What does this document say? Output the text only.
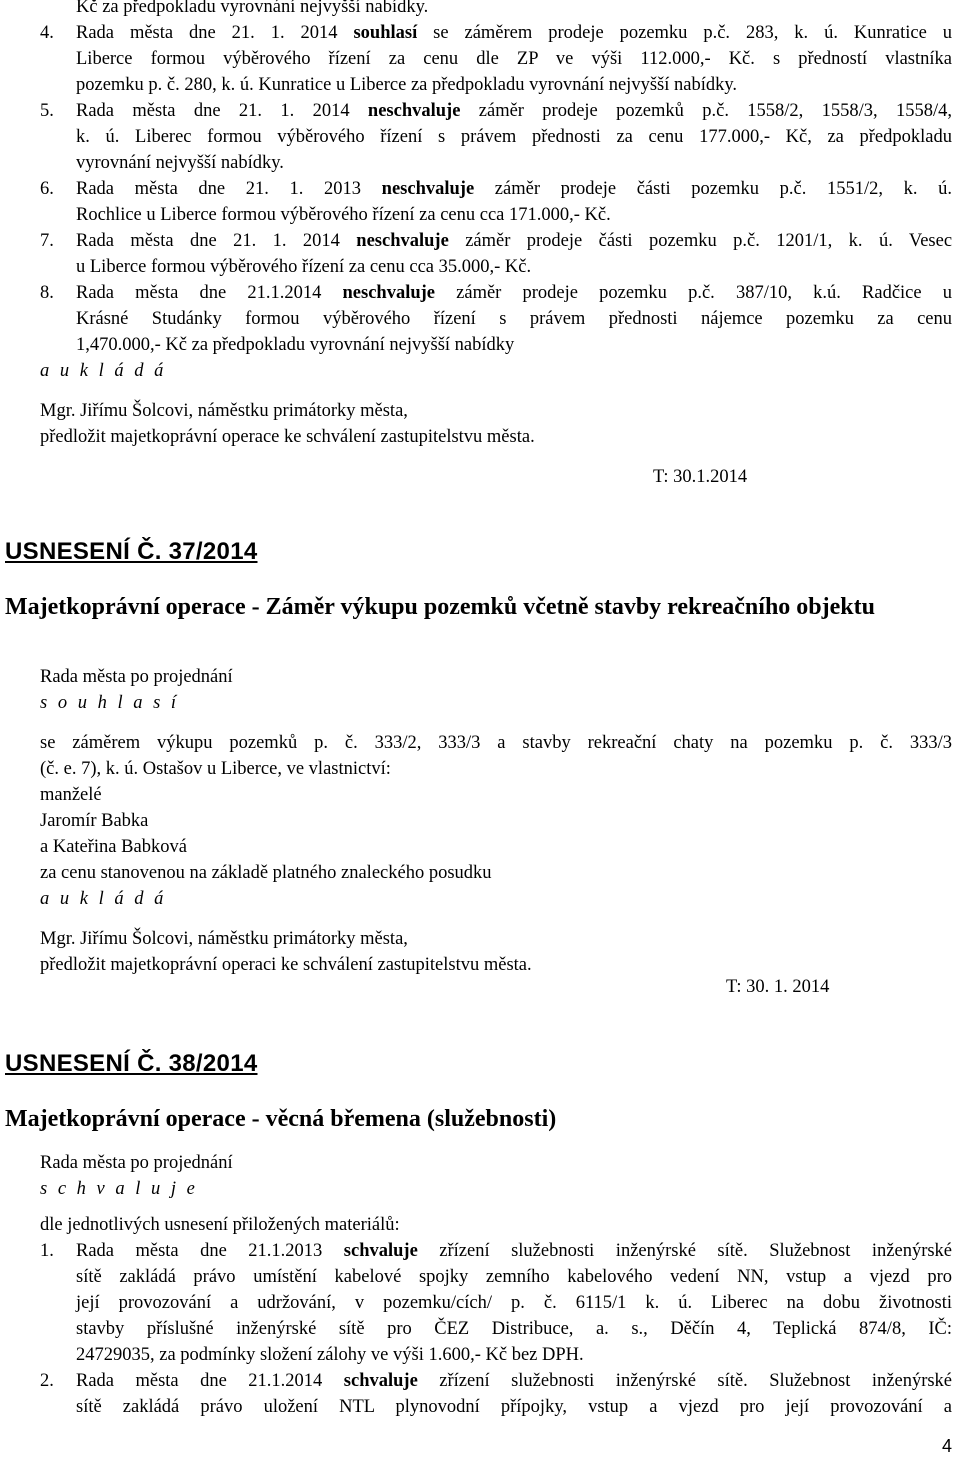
Kč za předpokladu vyrovnání nejvyšší nabídky.
4. Rada města dne 21. 1. 2014 souhlasí se záměrem prodeje pozemku p.č. 283, k. ú. Kunratice u
Liberce formou výběrového řízení za cenu dle ZP ve výši 112.000,- Kč. s předností vlastníka
pozemku p. č. 280, k. ú. Kunratice u Liberce za předpokladu vyrovnání nejvyšší nabídky.
5. Rada města dne 21. 1. 2014 neschvaluje záměr prodeje pozemků p.č. 1558/2, 1558/3, 1558/4,
k. ú. Liberec formou výběrového řízení s právem přednosti za cenu 177.000,- Kč, za předpokladu
vyrovnání nejvyšší nabídky.
6. Rada města dne 21. 1. 2013 neschvaluje záměr prodeje části pozemku p.č. 1551/2, k. ú.
Rochlice u Liberce formou výběrového řízení za cenu cca 171.000,- Kč.
7. Rada města dne 21. 1. 2014 neschvaluje záměr prodeje části pozemku p.č. 1201/1, k. ú. Vesec
u Liberce formou výběrového řízení za cenu cca 35.000,- Kč.
8. Rada města dne 21.1.2014 neschvaluje záměr prodeje pozemku p.č. 387/10, k.ú. Radčice u
Krásné Studánky formou výběrového řízení s právem přednosti nájemce pozemku za cenu
1,470.000,- Kč za předpokladu vyrovnání nejvyšší nabídky
a u k l á d á
Mgr. Jiřímu Šolcovi, náměstku primátorky města,
předložit majetkoprávní operace ke schválení zastupitelstvu města.
T: 30.1.2014
USNESENÍ Č. 37/2014
Majetkoprávní operace - Záměr výkupu pozemků včetně stavby rekreačního objektu
Rada města po projednání
s o u h l a s í
se záměrem výkupu pozemků p. č. 333/2, 333/3 a stavby rekreační chaty na pozemku p. č. 333/3
(č. e. 7), k. ú. Ostašov u Liberce, ve vlastnictví:
manželé
Jaromír Babka
a Kateřina Babková
za cenu stanovenou na základě platného znaleckého posudku
a u k l á d á
Mgr. Jiřímu Šolcovi, náměstku primátorky města,
předložit majetkoprávní operaci ke schválení zastupitelstvu města.
T: 30. 1. 2014
USNESENÍ Č. 38/2014
Majetkoprávní operace - věcná břemena (služebnosti)
Rada města po projednání
s c h v a l u j e
dle jednotlivých usnesení přiložených materiálů:
1. Rada města dne 21.1.2013 schvaluje zřízení služebnosti inženýrské sítě. Služebnost inženýrské
sítě zakládá právo umístění kabelové spojky zemního kabelového vedení NN, vstup a vjezd pro
její provozování a udržování, v pozemku/cích/ p. č. 6115/1 k. ú. Liberec na dobu životnosti
stavby příslušné inženýrské sítě pro ČEZ Distribuce, a. s., Děčín 4, Teplická 874/8, IČ:
24729035, za podmínky složení zálohy ve výši 1.600,- Kč bez DPH.
2. Rada města dne 21.1.2014 schvaluje zřízení služebnosti inženýrské sítě. Služebnost inženýrské
sítě zakládá právo uložení NTL plynovodní přípojky, vstup a vjezd pro její provozování a
4
